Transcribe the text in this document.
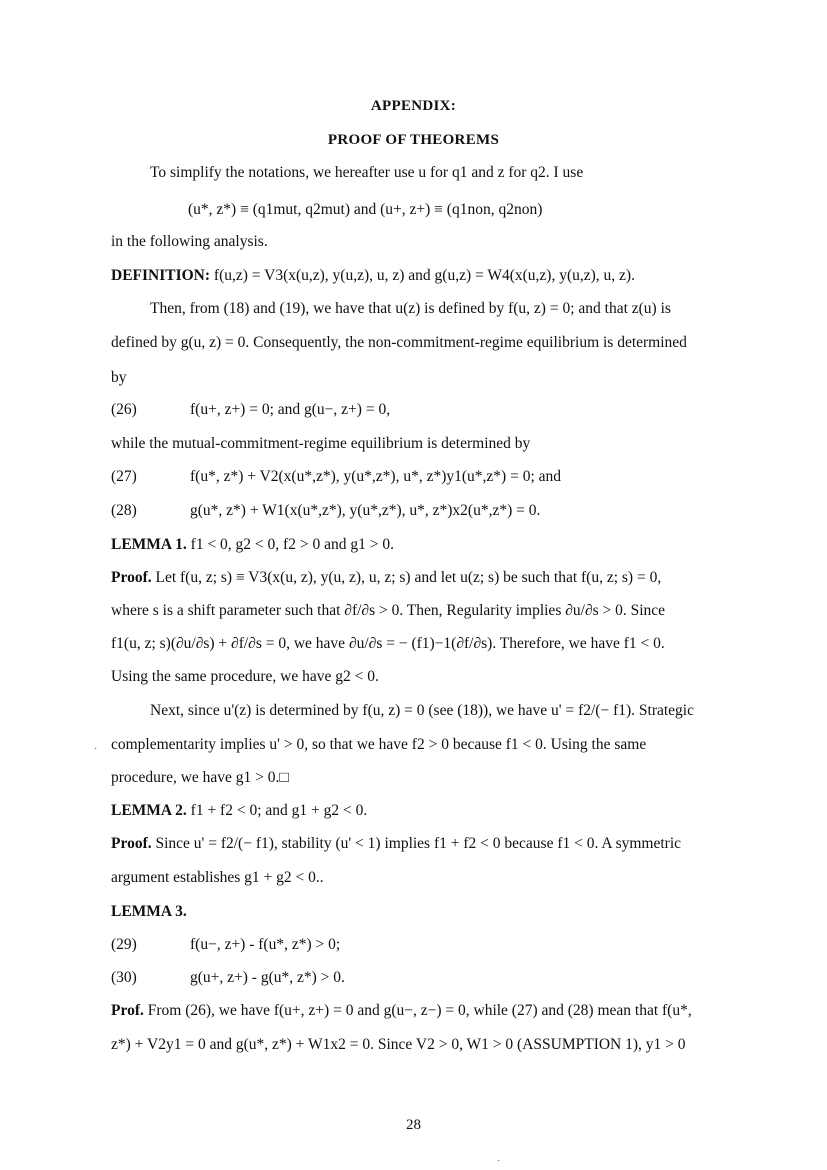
APPENDIX:
PROOF OF THEOREMS
To simplify the notations, we hereafter use u for q1 and z for q2. I use
(u*, z*) ≡ (q1mut, q2mut) and (u+, z+) ≡ (q1non, q2non)
in the following analysis.
DEFINITION: f(u,z) = V3(x(u,z), y(u,z), u, z) and g(u,z) = W4(x(u,z), y(u,z), u, z).
Then, from (18) and (19), we have that u(z) is defined by f(u, z) = 0; and that z(u) is
defined by g(u, z) = 0. Consequently, the non-commitment-regime equilibrium is determined
by
(26)	f(u+, z+) = 0; and g(u−, z+) = 0,
while the mutual-commitment-regime equilibrium is determined by
(27)	f(u*, z*) + V2(x(u*,z*), y(u*,z*), u*, z*)y1(u*,z*) = 0; and
(28)	g(u*, z*) + W1(x(u*,z*), y(u*,z*), u*, z*)x2(u*,z*) = 0.
LEMMA 1. f1 < 0, g2 < 0, f2 > 0 and g1 > 0.
Proof. Let f(u, z; s) ≡ V3(x(u, z), y(u, z), u, z; s) and let u(z; s) be such that f(u, z; s) = 0,
where s is a shift parameter such that ∂f/∂s > 0. Then, Regularity implies ∂u/∂s > 0. Since
f1(u, z; s)(∂u/∂s) + ∂f/∂s = 0, we have ∂u/∂s = − (f1)−1(∂f/∂s). Therefore, we have f1 < 0.
Using the same procedure, we have g2 < 0.
Next, since u'(z) is determined by f(u, z) = 0 (see (18)), we have u' = f2/(− f1). Strategic
complementarity implies u' > 0, so that we have f2 > 0 because f1 < 0. Using the same
procedure, we have g1 > 0.□
LEMMA 2. f1 + f2 < 0; and g1 + g2 < 0.
Proof. Since u' = f2/(− f1), stability (u' < 1) implies f1 + f2 < 0 because f1 < 0. A symmetric
argument establishes g1 + g2 < 0..
LEMMA 3.
(29)	f(u−, z+) - f(u*, z*) > 0;
(30)	g(u+, z+) - g(u*, z*) > 0.
Prof. From (26), we have f(u+, z+) = 0 and g(u−, z−) = 0, while (27) and (28) mean that f(u*,
z*) + V2y1 = 0 and g(u*, z*) + W1x2 = 0. Since V2 > 0, W1 > 0 (ASSUMPTION 1), y1 > 0
28
·
·
